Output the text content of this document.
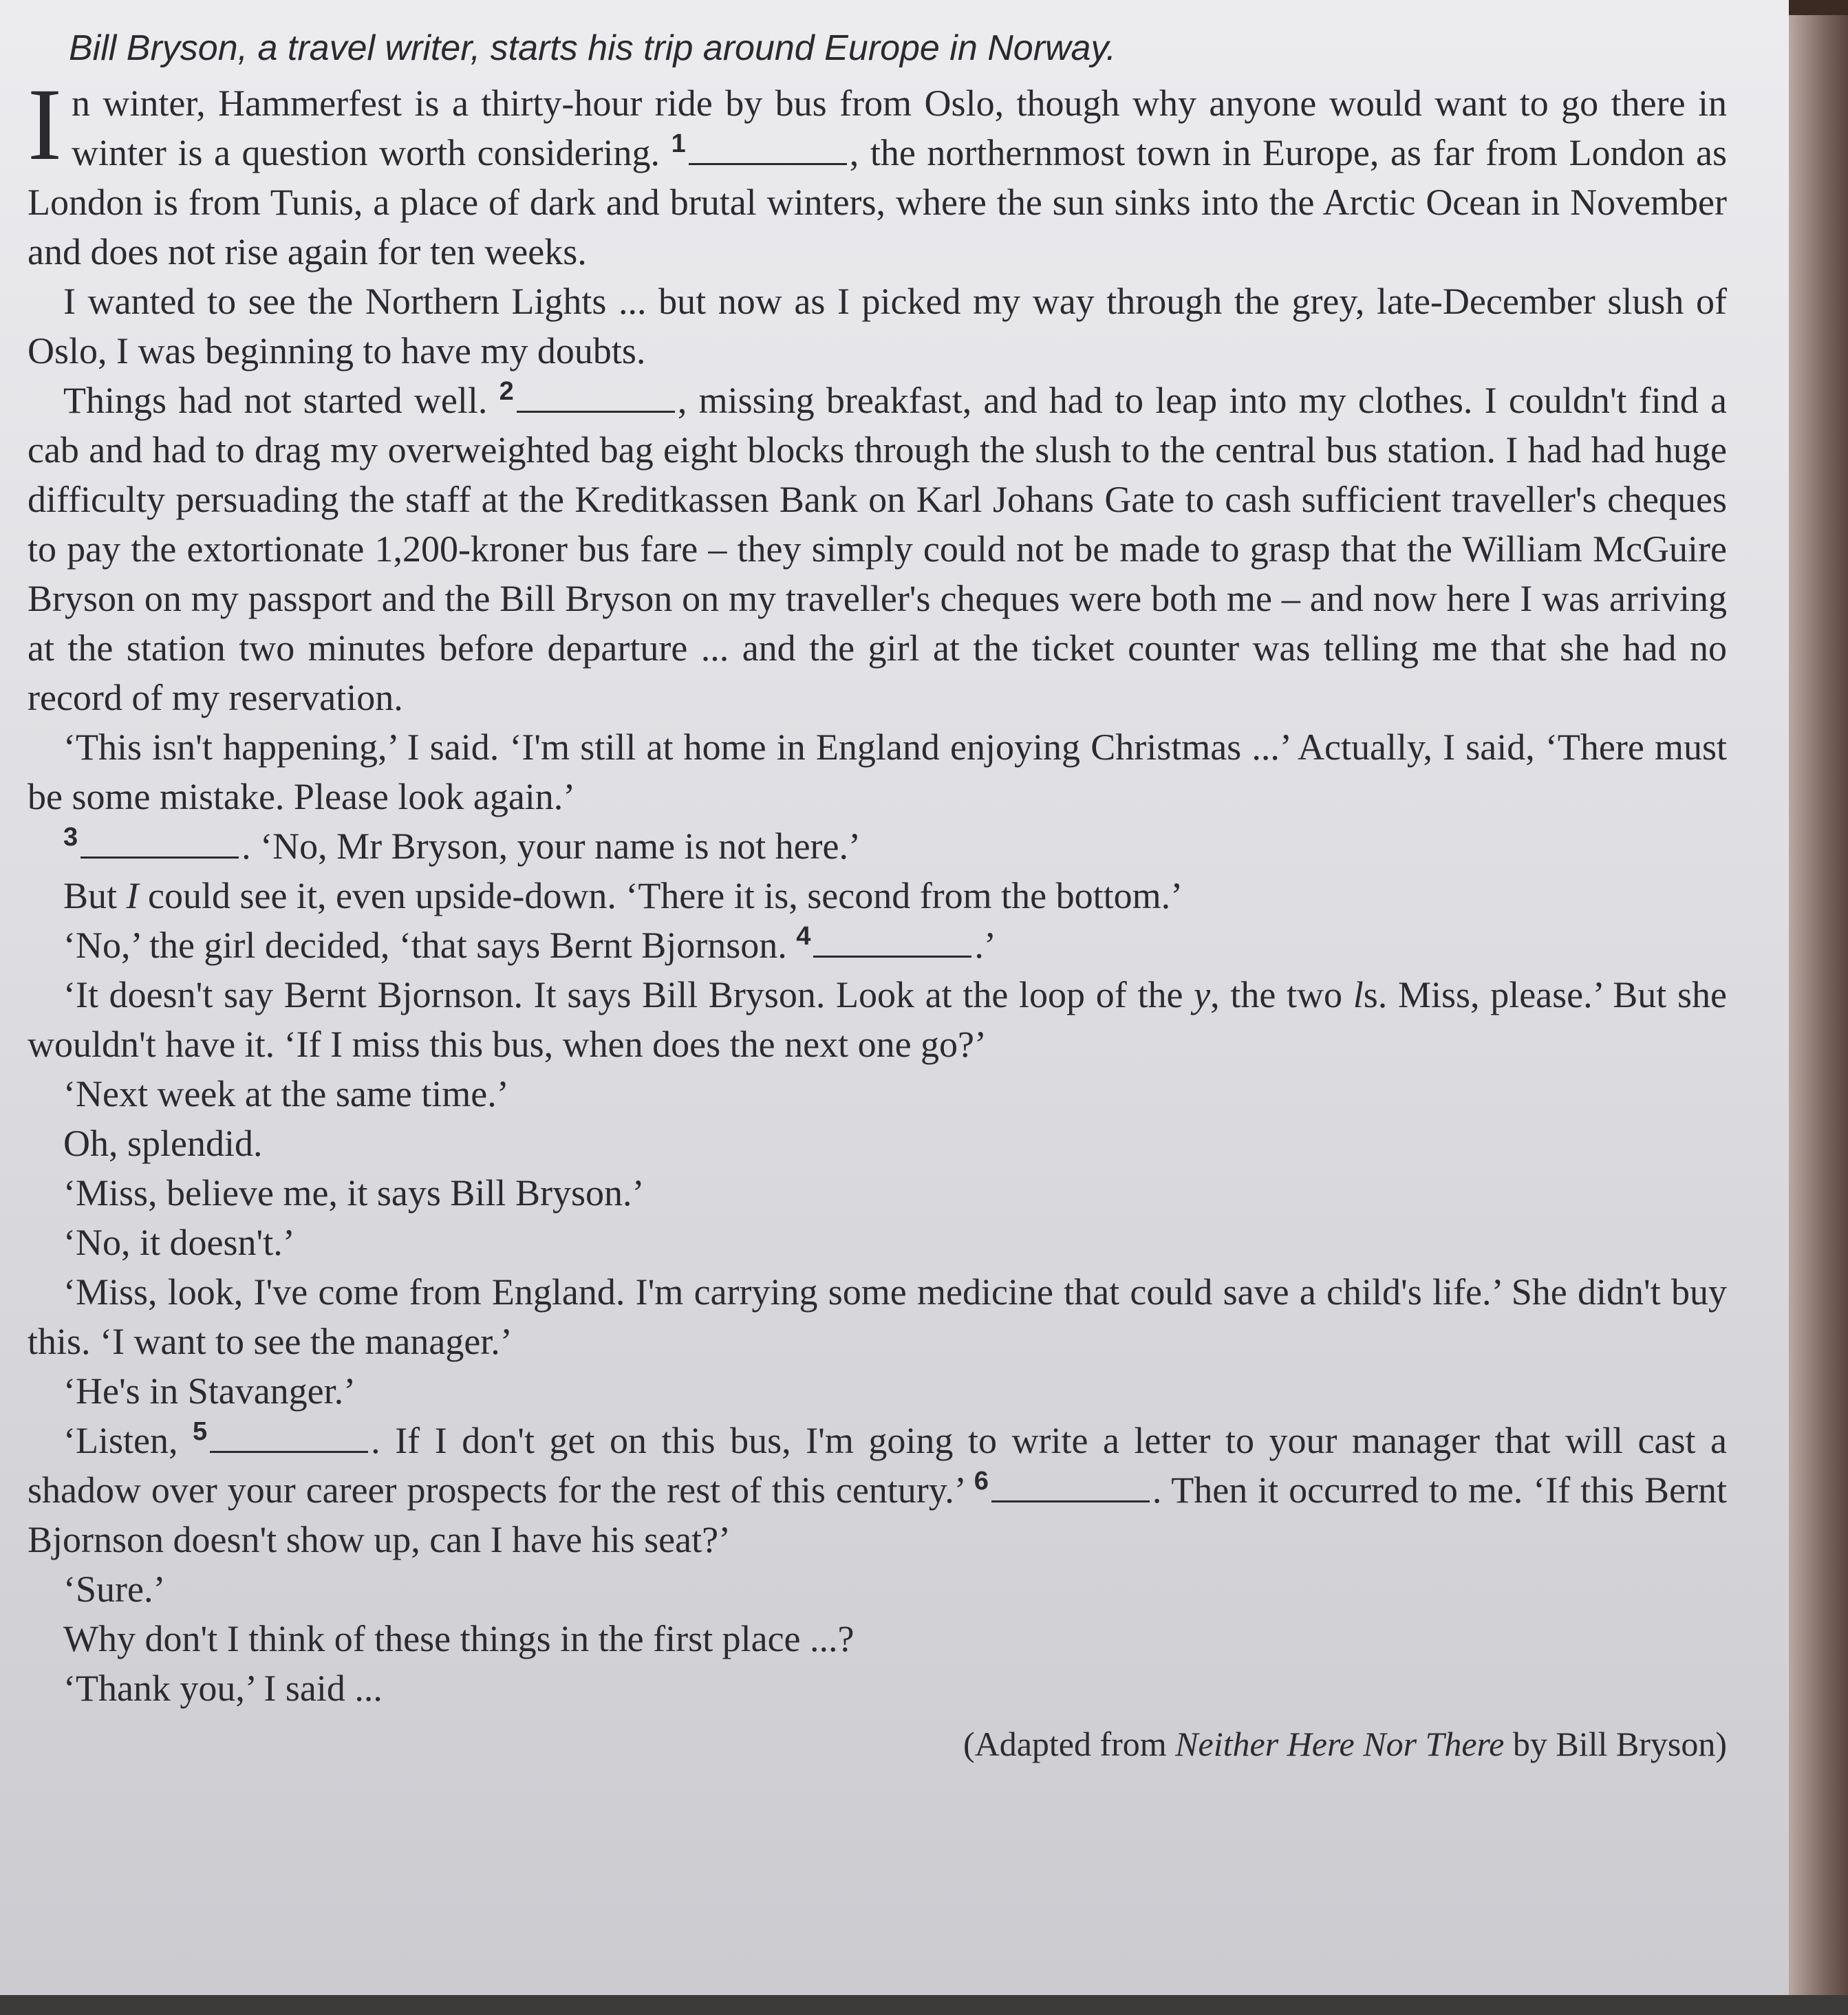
Bill Bryson, a travel writer, starts his trip around Europe in Norway.

In winter, Hammerfest is a thirty-hour ride by bus from Oslo, though why anyone would want to go there in winter is a question worth considering. $^1$	, the northernmost town in Europe, as far from London as London is from Tunis, a place of dark and brutal winters, where the sun sinks into the Arctic Ocean in November and does not rise again for ten weeks.

I wanted to see the Northern Lights ... but now as I picked my way through the grey, late-December slush of Oslo, I was beginning to have my doubts.

Things had not started well. $^2$	, missing breakfast, and had to leap into my clothes. I couldn't find a cab and had to drag my overweighted bag eight blocks through the slush to the central bus station. I had had huge difficulty persuading the staff at the Kreditkassen Bank on Karl Johans Gate to cash sufficient traveller's cheques to pay the extortionate 1,200-kroner bus fare – they simply could not be made to grasp that the William McGuire Bryson on my passport and the Bill Bryson on my traveller's cheques were both me – and now here I was arriving at the station two minutes before departure ... and the girl at the ticket counter was telling me that she had no record of my reservation.

‘This isn't happening,’ I said. ‘I'm still at home in England enjoying Christmas ...’ Actually, I said, ‘There must be some mistake. Please look again.’

$^3$	. ‘No, Mr Bryson, your name is not here.’

But I could see it, even upside-down. ‘There it is, second from the bottom.’

‘No,’ the girl decided, ‘that says Bernt Bjornson. $^4$	.’

‘It doesn't say Bernt Bjornson. It says Bill Bryson. Look at the loop of the y, the two ls. Miss, please.’ But she wouldn't have it. ‘If I miss this bus, when does the next one go?’

‘Next week at the same time.’

Oh, splendid.

‘Miss, believe me, it says Bill Bryson.’

‘No, it doesn't.’

‘Miss, look, I've come from England. I'm carrying some medicine that could save a child's life.’ She didn't buy this. ‘I want to see the manager.’

‘He's in Stavanger.’

‘Listen, $^5$	. If I don't get on this bus, I'm going to write a letter to your manager that will cast a shadow over your career prospects for the rest of this century.’ $^6$	. Then it occurred to me. ‘If this Bernt Bjornson doesn't show up, can I have his seat?’

‘Sure.’

Why don't I think of these things in the first place ...?

‘Thank you,’ I said ...

(Adapted from Neither Here Nor There by Bill Bryson)
